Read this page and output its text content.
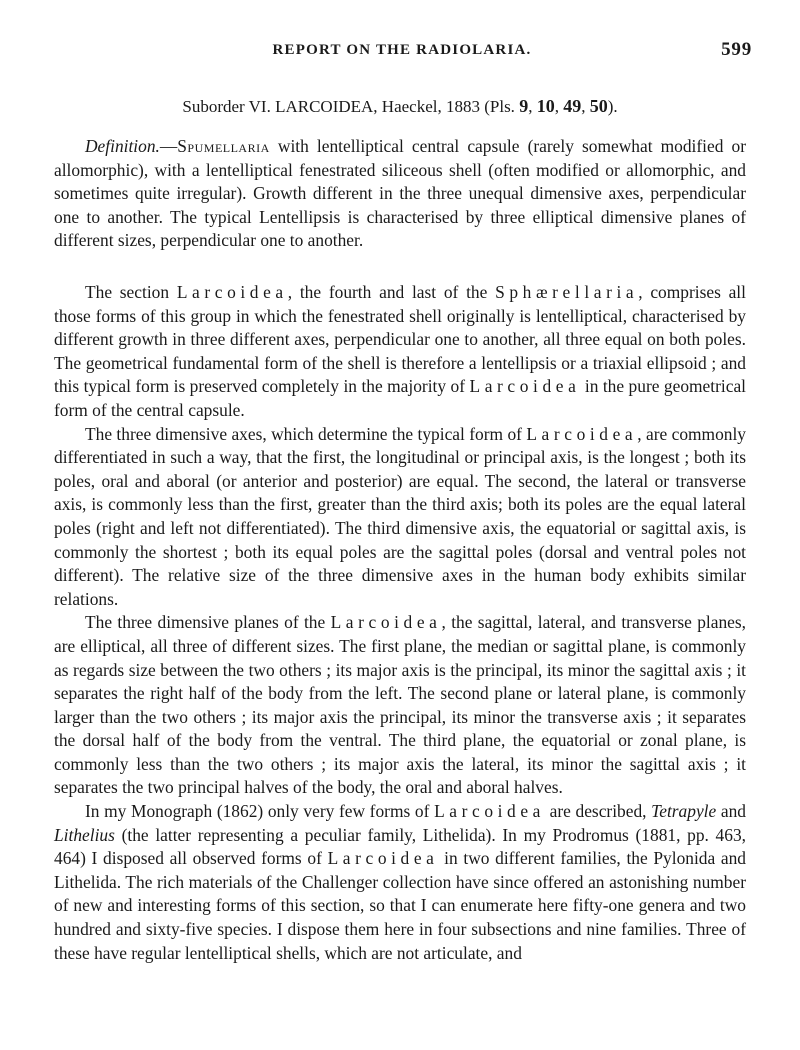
REPORT ON THE RADIOLARIA.	599
Suborder VI. LARCOIDEA, Haeckel, 1883 (Pls. 9, 10, 49, 50).

Definition.—Spumellaria with lentelliptical central capsule (rarely somewhat modified or allomorphic), with a lentelliptical fenestrated siliceous shell (often modified or allomorphic, and sometimes quite irregular). Growth different in the three unequal dimensive axes, perpendicular one to another. The typical Lentellipsis is characterised by three elliptical dimensive planes of different sizes, perpendicular one to another.

The section Larcoidea, the fourth and last of the Sphærellaria, comprises all those forms of this group in which the fenestrated shell originally is lentelliptical, characterised by different growth in three different axes, perpendicular one to another, all three equal on both poles. The geometrical fundamental form of the shell is therefore a lentellipsis or a triaxial ellipsoid ; and this typical form is preserved completely in the majority of Larcoidea in the pure geometrical form of the central capsule.

The three dimensive axes, which determine the typical form of Larcoidea, are commonly differentiated in such a way, that the first, the longitudinal or principal axis, is the longest ; both its poles, oral and aboral (or anterior and posterior) are equal. The second, the lateral or transverse axis, is commonly less than the first, greater than the third axis; both its poles are the equal lateral poles (right and left not differentiated). The third dimensive axis, the equatorial or sagittal axis, is commonly the shortest ; both its equal poles are the sagittal poles (dorsal and ventral poles not different). The relative size of the three dimensive axes in the human body exhibits similar relations.

The three dimensive planes of the Larcoidea, the sagittal, lateral, and transverse planes, are elliptical, all three of different sizes. The first plane, the median or sagittal plane, is commonly as regards size between the two others ; its major axis is the principal, its minor the sagittal axis ; it separates the right half of the body from the left. The second plane or lateral plane, is commonly larger than the two others ; its major axis the principal, its minor the transverse axis ; it separates the dorsal half of the body from the ventral. The third plane, the equatorial or zonal plane, is commonly less than the two others ; its major axis the lateral, its minor the sagittal axis ; it separates the two principal halves of the body, the oral and aboral halves.

In my Monograph (1862) only very few forms of Larcoidea are described, Tetrapyle and Lithelius (the latter representing a peculiar family, Lithelida). In my Prodromus (1881, pp. 463, 464) I disposed all observed forms of Larcoidea in two different families, the Pylonida and Lithelida. The rich materials of the Challenger collection have since offered an astonishing number of new and interesting forms of this section, so that I can enumerate here fifty-one genera and two hundred and sixty-five species. I dispose them here in four subsections and nine families. Three of these have regular lentelliptical shells, which are not articulate, and
